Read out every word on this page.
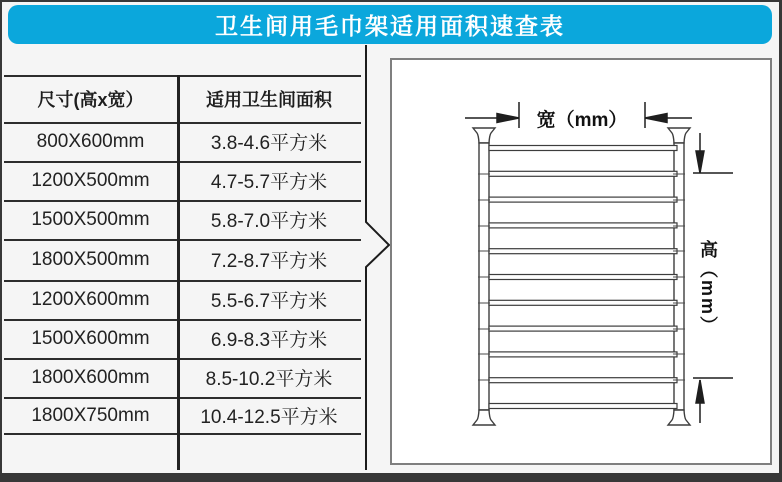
卫生间用毛巾架适用面积速查表
尺寸(高x宽）	适用卫生间面积
800X600mm	3.8-4.6平方米
1200X500mm	4.7-5.7平方米
1500X500mm	5.8-7.0平方米
1800X500mm	7.2-8.7平方米
1200X600mm	5.5-6.7平方米
1500X600mm	6.9-8.3平方米
1800X600mm	8.5-10.2平方米
1800X750mm	10.4-12.5平方米
宽（mm）
高（mm）
